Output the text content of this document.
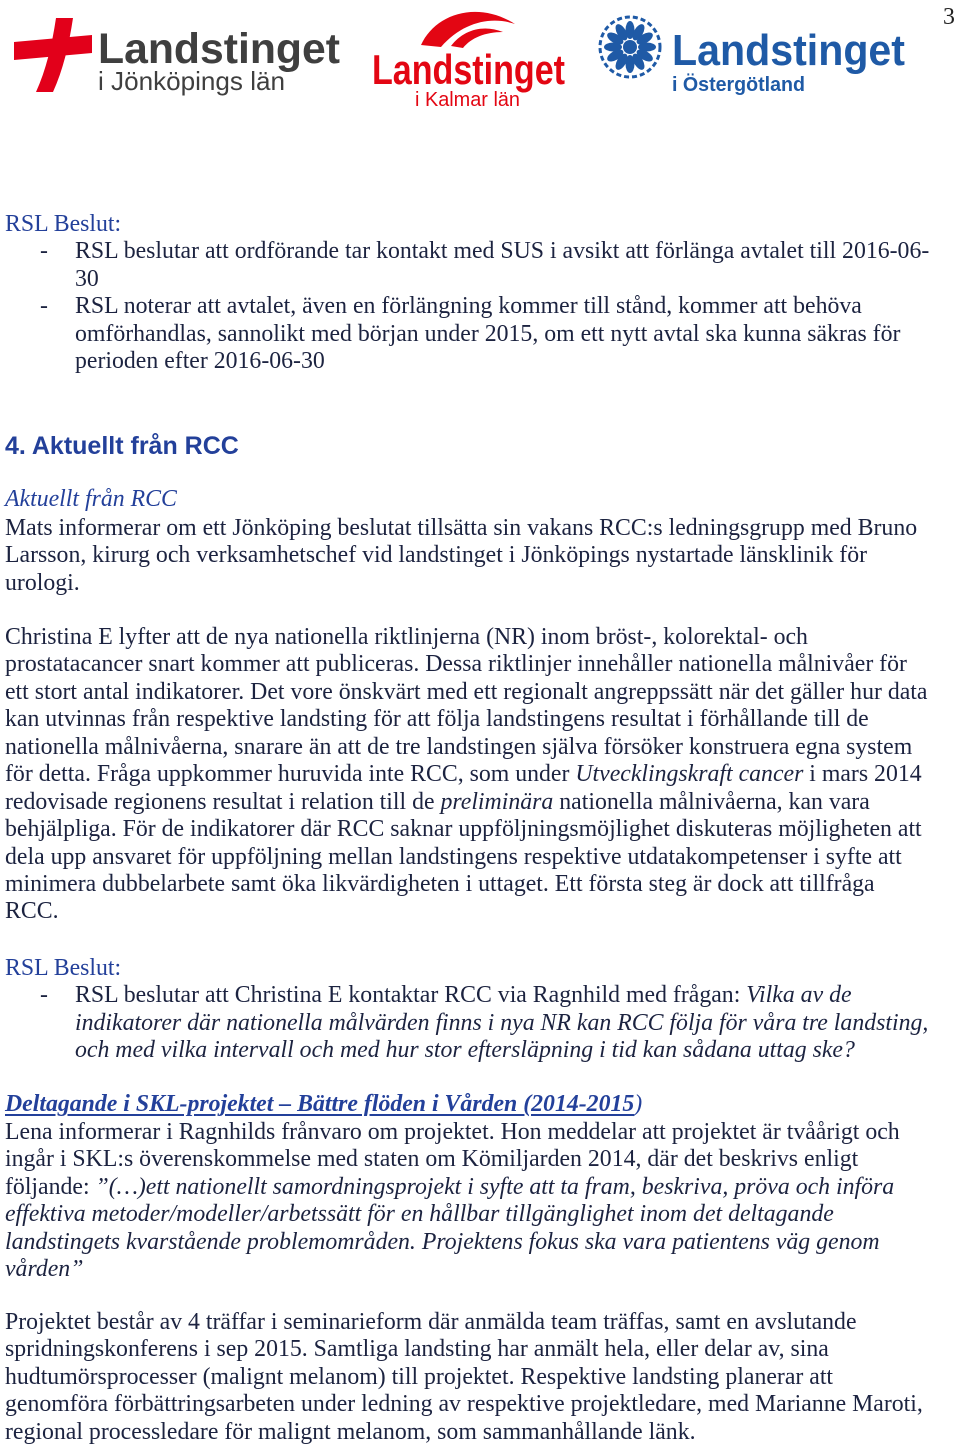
3
Landstinget
i Jönköpings län Landstinget
i Kalmar län
Landstinget
i Östergötland
RSL Beslut:
- RSL beslutar att ordförande tar kontakt med SUS i avsikt att förlänga avtalet till 2016-06-
30
- RSL noterar att avtalet, även en förlängning kommer till stånd, kommer att behöva
omförhandlas, sannolikt med början under 2015, om ett nytt avtal ska kunna säkras för
perioden efter 2016-06-30
4. Aktuellt från RCC
Aktuellt från RCC
Mats informerar om ett Jönköping beslutat tillsätta sin vakans RCC:s ledningsgrupp med Bruno
Larsson, kirurg och verksamhetschef vid landstinget i Jönköpings nystartade länsklinik för
urologi.
Christina E lyfter att de nya nationella riktlinjerna (NR) inom bröst-, kolorektal- och
prostatacancer snart kommer att publiceras. Dessa riktlinjer innehåller nationella målnivåer för
ett stort antal indikatorer. Det vore önskvärt med ett regionalt angreppssätt när det gäller hur data
kan utvinnas från respektive landsting för att följa landstingens resultat i förhållande till de
nationella målnivåerna, snarare än att de tre landstingen själva försöker konstruera egna system
för detta. Fråga uppkommer huruvida inte RCC, som under Utvecklingskraft cancer i mars 2014
redovisade regionens resultat i relation till de preliminära nationella målnivåerna, kan vara
behjälpliga. För de indikatorer där RCC saknar uppföljningsmöjlighet diskuteras möjligheten att
dela upp ansvaret för uppföljning mellan landstingens respektive utdatakompetenser i syfte att
minimera dubbelarbete samt öka likvärdigheten i uttaget. Ett första steg är dock att tillfråga
RCC.
RSL Beslut:
- RSL beslutar att Christina E kontaktar RCC via Ragnhild med frågan: Vilka av de
indikatorer där nationella målvärden finns i nya NR kan RCC följa för våra tre landsting,
och med vilka intervall och med hur stor eftersläpning i tid kan sådana uttag ske?
Deltagande i SKL-projektet – Bättre flöden i Vården (2014-2015)
Lena informerar i Ragnhilds frånvaro om projektet. Hon meddelar att projektet är tvåårigt och
ingår i SKL:s överenskommelse med staten om Kömiljarden 2014, där det beskrivs enligt
följande: ”(…)ett nationellt samordningsprojekt i syfte att ta fram, beskriva, pröva och införa
effektiva metoder/modeller/arbetssätt för en hållbar tillgänglighet inom det deltagande
landstingets kvarstående problemområden. Projektens fokus ska vara patientens väg genom
vården”
Projektet består av 4 träffar i seminarieform där anmälda team träffas, samt en avslutande
spridningskonferens i sep 2015. Samtliga landsting har anmält hela, eller delar av, sina
hudtumörsprocesser (malignt melanom) till projektet. Respektive landsting planerar att
genomföra förbättringsarbeten under ledning av respektive projektledare, med Marianne Maroti,
regional processledare för malignt melanom, som sammanhållande länk.
